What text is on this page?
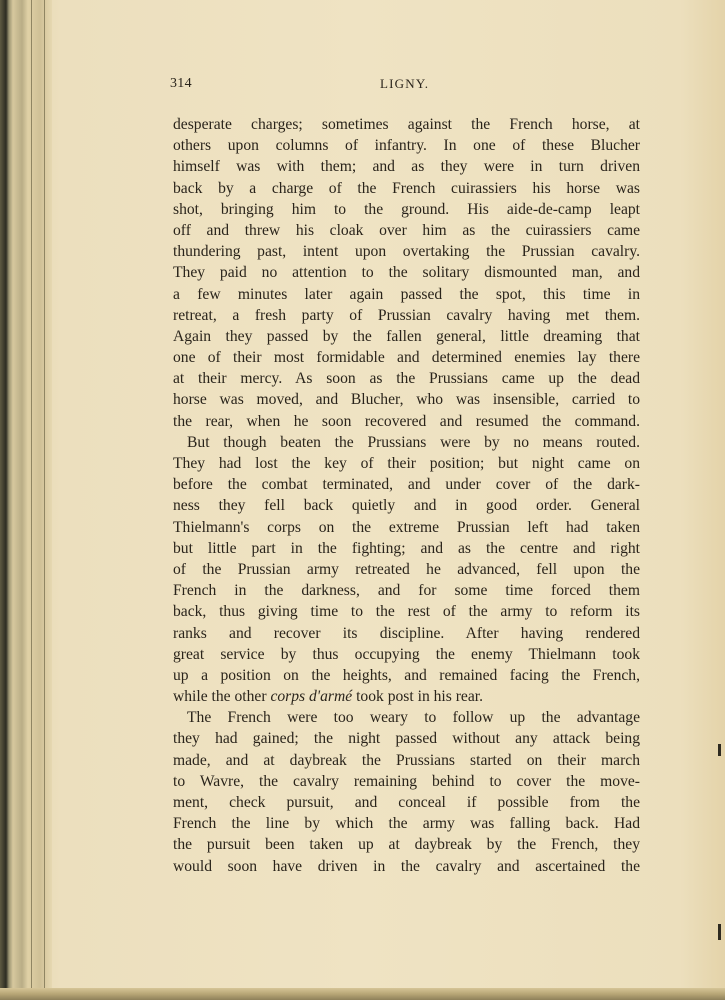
314	LIGNY.
desperate charges; sometimes against the French horse, at
others upon columns of infantry. In one of these Blucher
himself was with them; and as they were in turn driven
back by a charge of the French cuirassiers his horse was
shot, bringing him to the ground. His aide-de-camp leapt
off and threw his cloak over him as the cuirassiers came
thundering past, intent upon overtaking the Prussian cavalry.
They paid no attention to the solitary dismounted man, and
a few minutes later again passed the spot, this time in
retreat, a fresh party of Prussian cavalry having met them.
Again they passed by the fallen general, little dreaming that
one of their most formidable and determined enemies lay there
at their mercy. As soon as the Prussians came up the dead
horse was moved, and Blucher, who was insensible, carried to
the rear, when he soon recovered and resumed the command.
But though beaten the Prussians were by no means routed.
They had lost the key of their position; but night came on
before the combat terminated, and under cover of the dark-
ness they fell back quietly and in good order. General
Thielmann's corps on the extreme Prussian left had taken
but little part in the fighting; and as the centre and right
of the Prussian army retreated he advanced, fell upon the
French in the darkness, and for some time forced them
back, thus giving time to the rest of the army to reform its
ranks and recover its discipline. After having rendered
great service by thus occupying the enemy Thielmann took
up a position on the heights, and remained facing the French,
while the other corps d'armé took post in his rear.
The French were too weary to follow up the advantage
they had gained; the night passed without any attack being
made, and at daybreak the Prussians started on their march
to Wavre, the cavalry remaining behind to cover the move-
ment, check pursuit, and conceal if possible from the
French the line by which the army was falling back. Had
the pursuit been taken up at daybreak by the French, they
would soon have driven in the cavalry and ascertained the
